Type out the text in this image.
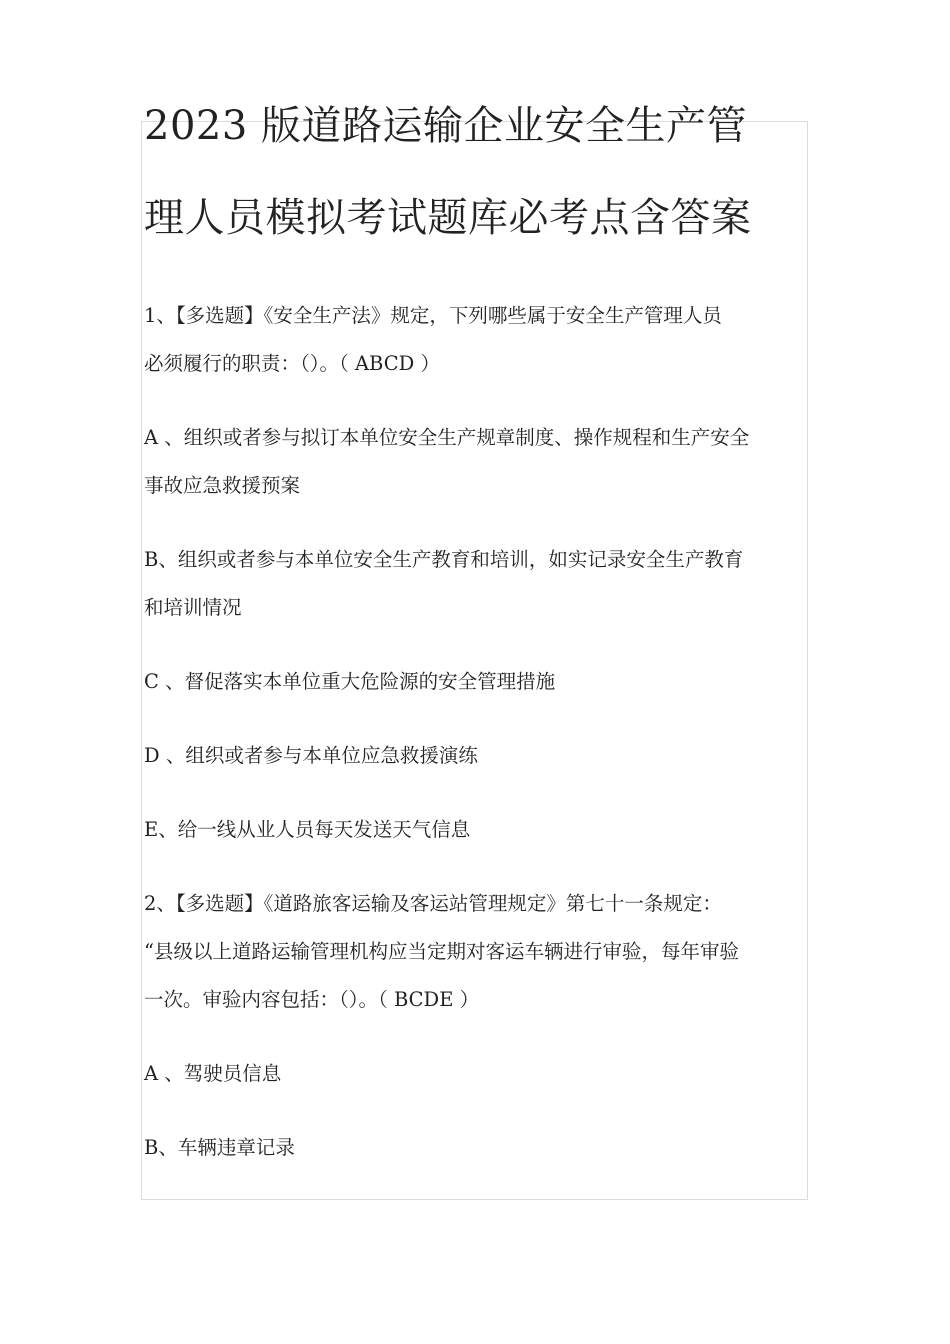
2023 版道路运输企业安全生产管
理人员模拟考试题库必考点含答案
1、【多选题】《安全生产法》规定，下列哪些属于安全生产管理人员
必须履行的职责：（）。（ ABCD ）
A 、组织或者参与拟订本单位安全生产规章制度、操作规程和生产安全
事故应急救援预案
B、组织或者参与本单位安全生产教育和培训，如实记录安全生产教育
和培训情况
C 、督促落实本单位重大危险源的安全管理措施
D 、组织或者参与本单位应急救援演练
E、给一线从业人员每天发送天气信息
2、【多选题】《道路旅客运输及客运站管理规定》第七十一条规定：
“县级以上道路运输管理机构应当定期对客运车辆进行审验，每年审验
一次。审验内容包括：（）。（ BCDE ）
A 、驾驶员信息
B、车辆违章记录
